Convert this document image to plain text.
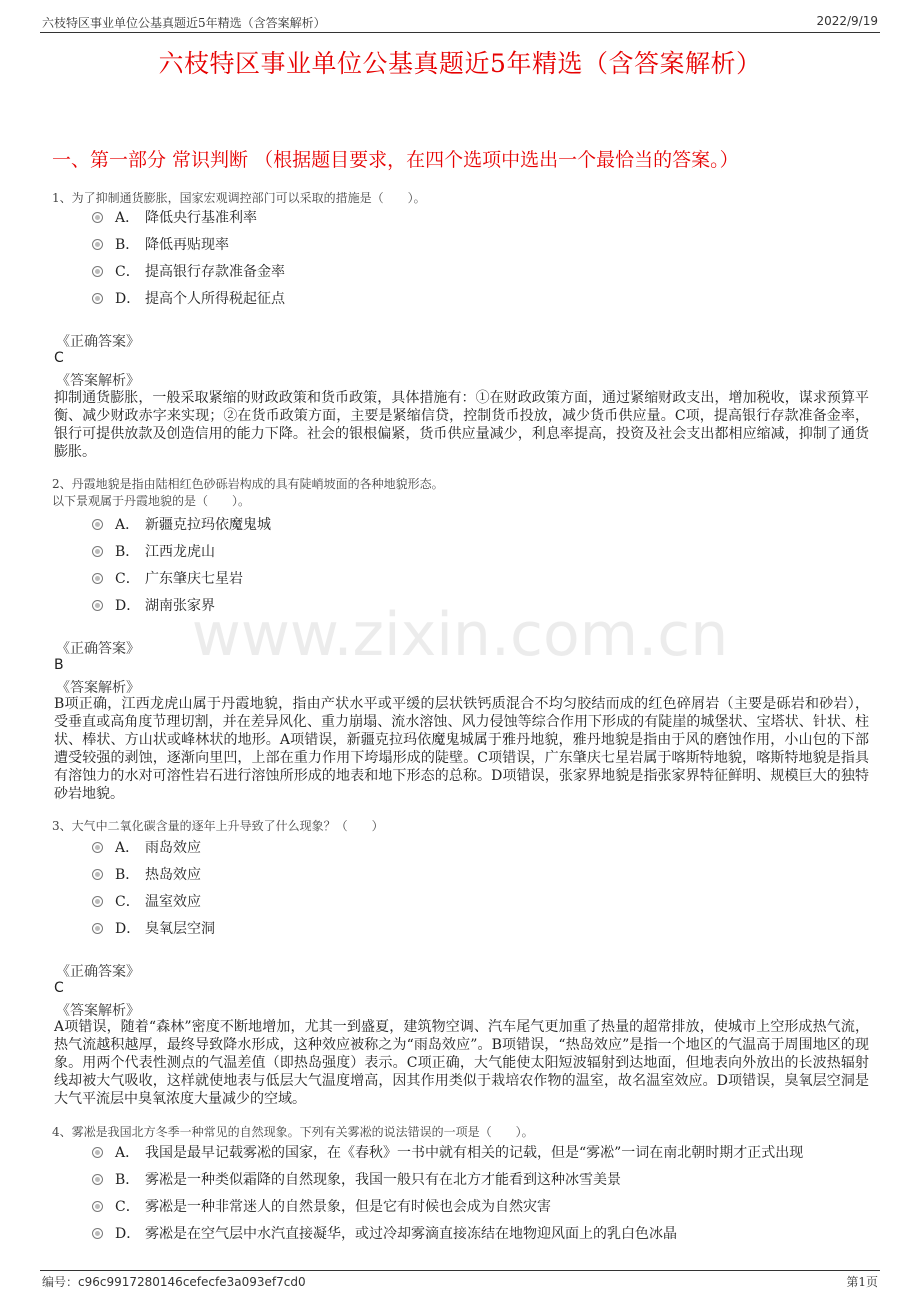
六枝特区事业单位公基真题近5年精选（含答案解析）	2022/9/19
六枝特区事业单位公基真题近5年精选（含答案解析）
一、第一部分 常识判断 （根据题目要求，在四个选项中选出一个最恰当的答案。）
www.zixin.com.cn
1、为了抑制通货膨胀，国家宏观调控部门可以采取的措施是（　　）。
A． 降低央行基准利率
B． 降低再贴现率
C． 提高银行存款准备金率
D． 提高个人所得税起征点
《正确答案》
C
《答案解析》
抑制通货膨胀，一般采取紧缩的财政政策和货币政策，具体措施有：①在财政政策方面，通过紧缩财政支出，增加税收，谋求预算平衡、减少财政赤字来实现；②在货币政策方面，主要是紧缩信贷，控制货币投放，减少货币供应量。C项，提高银行存款准备金率，银行可提供放款及创造信用的能力下降。社会的银根偏紧，货币供应量减少，利息率提高，投资及社会支出都相应缩减，抑制了通货膨胀。
2、丹霞地貌是指由陆相红色砂砾岩构成的具有陡峭坡面的各种地貌形态。
以下景观属于丹霞地貌的是（　　）。
A． 新疆克拉玛依魔鬼城
B． 江西龙虎山
C． 广东肇庆七星岩
D． 湖南张家界
《正确答案》
B
《答案解析》
B项正确，江西龙虎山属于丹霞地貌，指由产状水平或平缓的层状铁钙质混合不均匀胶结而成的红色碎屑岩（主要是砾岩和砂岩），受垂直或高角度节理切割，并在差异风化、重力崩塌、流水溶蚀、风力侵蚀等综合作用下形成的有陡崖的城堡状、宝塔状、针状、柱状、棒状、方山状或峰林状的地形。A项错误，新疆克拉玛依魔鬼城属于雅丹地貌，雅丹地貌是指由于风的磨蚀作用，小山包的下部遭受较强的剥蚀，逐渐向里凹，上部在重力作用下垮塌形成的陡壁。C项错误，广东肇庆七星岩属于喀斯特地貌，喀斯特地貌是指具有溶蚀力的水对可溶性岩石进行溶蚀所形成的地表和地下形态的总称。D项错误，张家界地貌是指张家界特征鲜明、规模巨大的独特砂岩地貌。
3、大气中二氧化碳含量的逐年上升导致了什么现象？（　　）
A． 雨岛效应
B． 热岛效应
C． 温室效应
D． 臭氧层空洞
《正确答案》
C
《答案解析》
A项错误，随着“森林”密度不断地增加，尤其一到盛夏，建筑物空调、汽车尾气更加重了热量的超常排放，使城市上空形成热气流，热气流越积越厚，最终导致降水形成，这种效应被称之为“雨岛效应”。B项错误，“热岛效应”是指一个地区的气温高于周围地区的现象。用两个代表性测点的气温差值（即热岛强度）表示。C项正确，大气能使太阳短波辐射到达地面，但地表向外放出的长波热辐射线却被大气吸收，这样就使地表与低层大气温度增高，因其作用类似于栽培农作物的温室，故名温室效应。D项错误，臭氧层空洞是大气平流层中臭氧浓度大量减少的空域。
4、雾凇是我国北方冬季一种常见的自然现象。下列有关雾凇的说法错误的一项是（　　）。
A． 我国是最早记载雾凇的国家，在《春秋》一书中就有相关的记载，但是“雾凇”一词在南北朝时期才正式出现
B． 雾凇是一种类似霜降的自然现象，我国一般只有在北方才能看到这种冰雪美景
C． 雾凇是一种非常迷人的自然景象，但是它有时候也会成为自然灾害
D． 雾凇是在空气层中水汽直接凝华，或过冷却雾滴直接冻结在地物迎风面上的乳白色冰晶
编号：c96c9917280146cefecfe3a093ef7cd0	第1页
